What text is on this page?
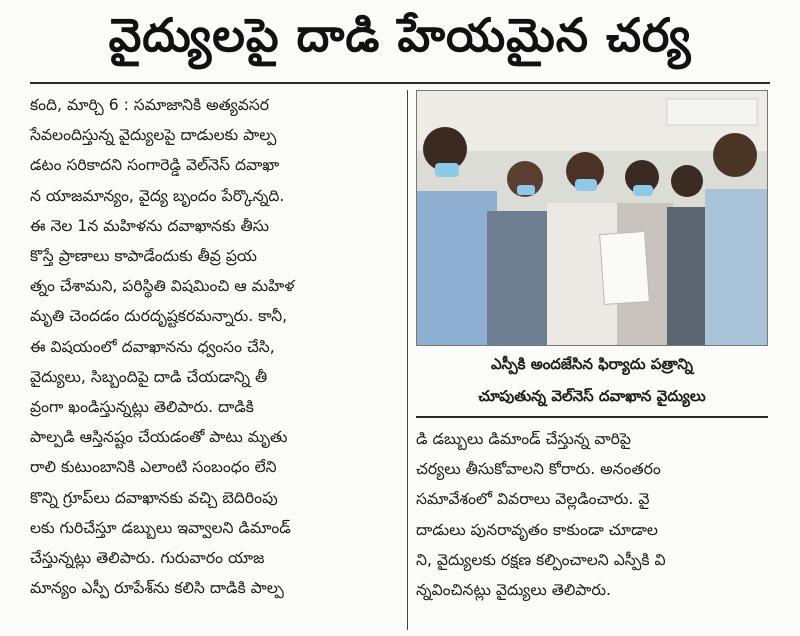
వైద్యులపై దాడి హేయమైన చర్య

కంది, మార్చి 6 : సమాజానికి అత్యవసర

సేవలందిస్తున్న వైద్యులపై దాడులకు పాల్ప

డటం సరికాదని సంగారెడ్డి వెల్‌నెస్ దవాఖా

న యాజమాన్యం, వైద్య బృందం పేర్కొన్నది.

ఈ నెల 1న మహిళను దవాఖానకు తీసు

కొస్తే ప్రాణాలు కాపాడేందుకు తీవ్ర ప్రయ

త్నం చేశామని, పరిస్థితి విషమించి ఆ మహిళ

మృతి చెందడం దురదృష్టకరమన్నారు. కానీ,

ఈ విషయంలో దవాఖానను ధ్వంసం చేసి,

వైద్యులు, సిబ్బందిపై దాడి చేయడాన్ని తీ

వ్రంగా ఖండిస్తున్నట్లు తెలిపారు. దాడికి

పాల్పడి ఆస్తినష్టం చేయడంతో పాటు మృతు

రాలి కుటుంబానికి ఎలాంటి సంబంధం లేని

కొన్ని గ్రూప్‌లు దవాఖానకు వచ్చి బెదిరింపు

లకు గురిచేస్తూ డబ్బులు ఇవ్వాలని డిమాండ్

చేస్తున్నట్లు తెలిపారు. గురువారం యాజ

మాన్యం ఎస్పీ రూపేశ్‌ను కలిసి దాడికి పాల్ప

ఎస్పీకి అందజేసిన ఫిర్యాదు పత్రాన్ని
చూపుతున్న వెల్‌నెస్ దవాఖాన వైద్యులు

డి డబ్బులు డిమాండ్ చేస్తున్న వారిపై

చర్యలు తీసుకోవాలని కోరారు. అనంతరం

సమావేశంలో వివరాలు వెల్లడించారు. వై

దాడులు పునరావృతం కాకుండా చూడాల

ని, వైద్యులకు రక్షణ కల్పించాలని ఎస్పీకి వి

న్నవించినట్లు వైద్యులు తెలిపారు.
